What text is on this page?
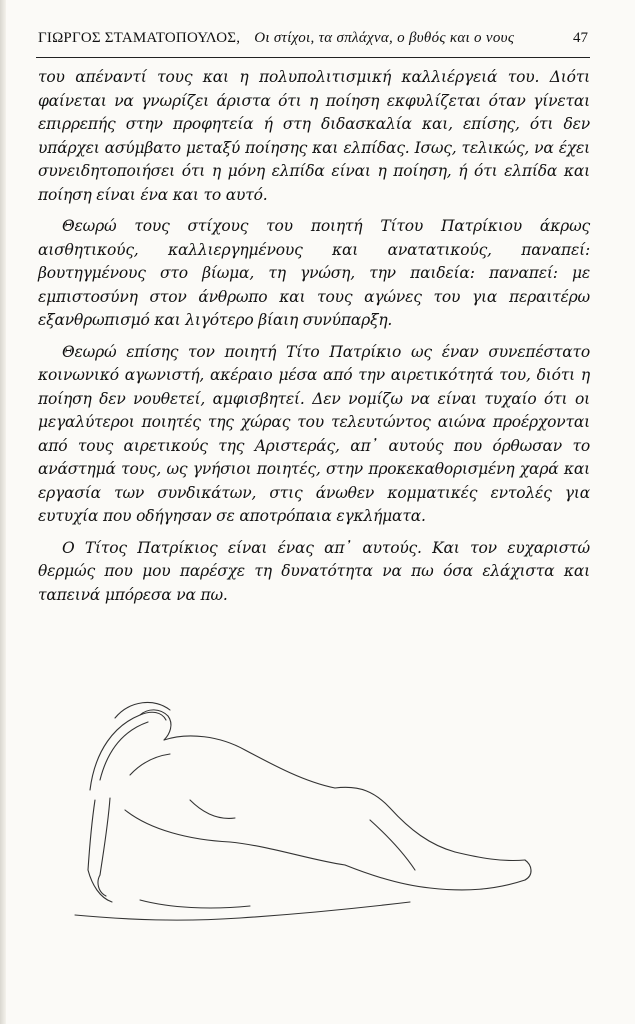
ΓΙΩΡΓΟΣ ΣΤΑΜΑΤΟΠΟΥΛΟΣ, Οι στίχοι, τα σπλάχνα, ο βυθός και ο νους	47

του απέναντί τους και η πολυπολιτισμική καλλιέργειά του. Διότι φαίνεται να γνωρίζει άριστα ότι η ποίηση εκφυλίζεται όταν γίνεται επιρρεπής στην προφητεία ή στη διδασκαλία και, επίσης, ότι δεν υπάρχει ασύμβατο μεταξύ ποίησης και ελπίδας. Ισως, τελικώς, να έχει συνειδητοποιήσει ότι η μόνη ελπίδα είναι η ποίηση, ή ότι ελπίδα και ποίηση είναι ένα και το αυτό.

Θεωρώ τους στίχους του ποιητή Τίτου Πατρίκιου άκρως αισθητικούς, καλλιεργημένους και ανατατικούς, παναπεί: βουτηγμένους στο βίωμα, τη γνώση, την παιδεία: παναπεί: με εμπιστοσύνη στον άνθρωπο και τους αγώνες του για περαιτέρω εξανθρωπισμό και λιγότερο βίαιη συνύπαρξη.

Θεωρώ επίσης τον ποιητή Τίτο Πατρίκιο ως έναν συνεπέστατο κοινωνικό αγωνιστή, ακέραιο μέσα από την αιρετικότητά του, διότι η ποίηση δεν νουθετεί, αμφισβητεί. Δεν νομίζω να είναι τυχαίο ότι οι μεγαλύτεροι ποιητές της χώρας του τελευτώντος αιώνα προέρχονται από τους αιρετικούς της Αριστεράς, απ᾽ αυτούς που όρθωσαν το ανάστημά τους, ως γνήσιοι ποιητές, στην προκεκαθορισμένη χαρά και εργασία των συνδικάτων, στις άνωθεν κομματικές εντολές για ευτυχία που οδήγησαν σε αποτρόπαια εγκλήματα.

Ο Τίτος Πατρίκιος είναι ένας απ᾽ αυτούς. Και τον ευχαριστώ θερμώς που μου παρέσχε τη δυνατότητα να πω όσα ελάχιστα και ταπεινά μπόρεσα να πω.
